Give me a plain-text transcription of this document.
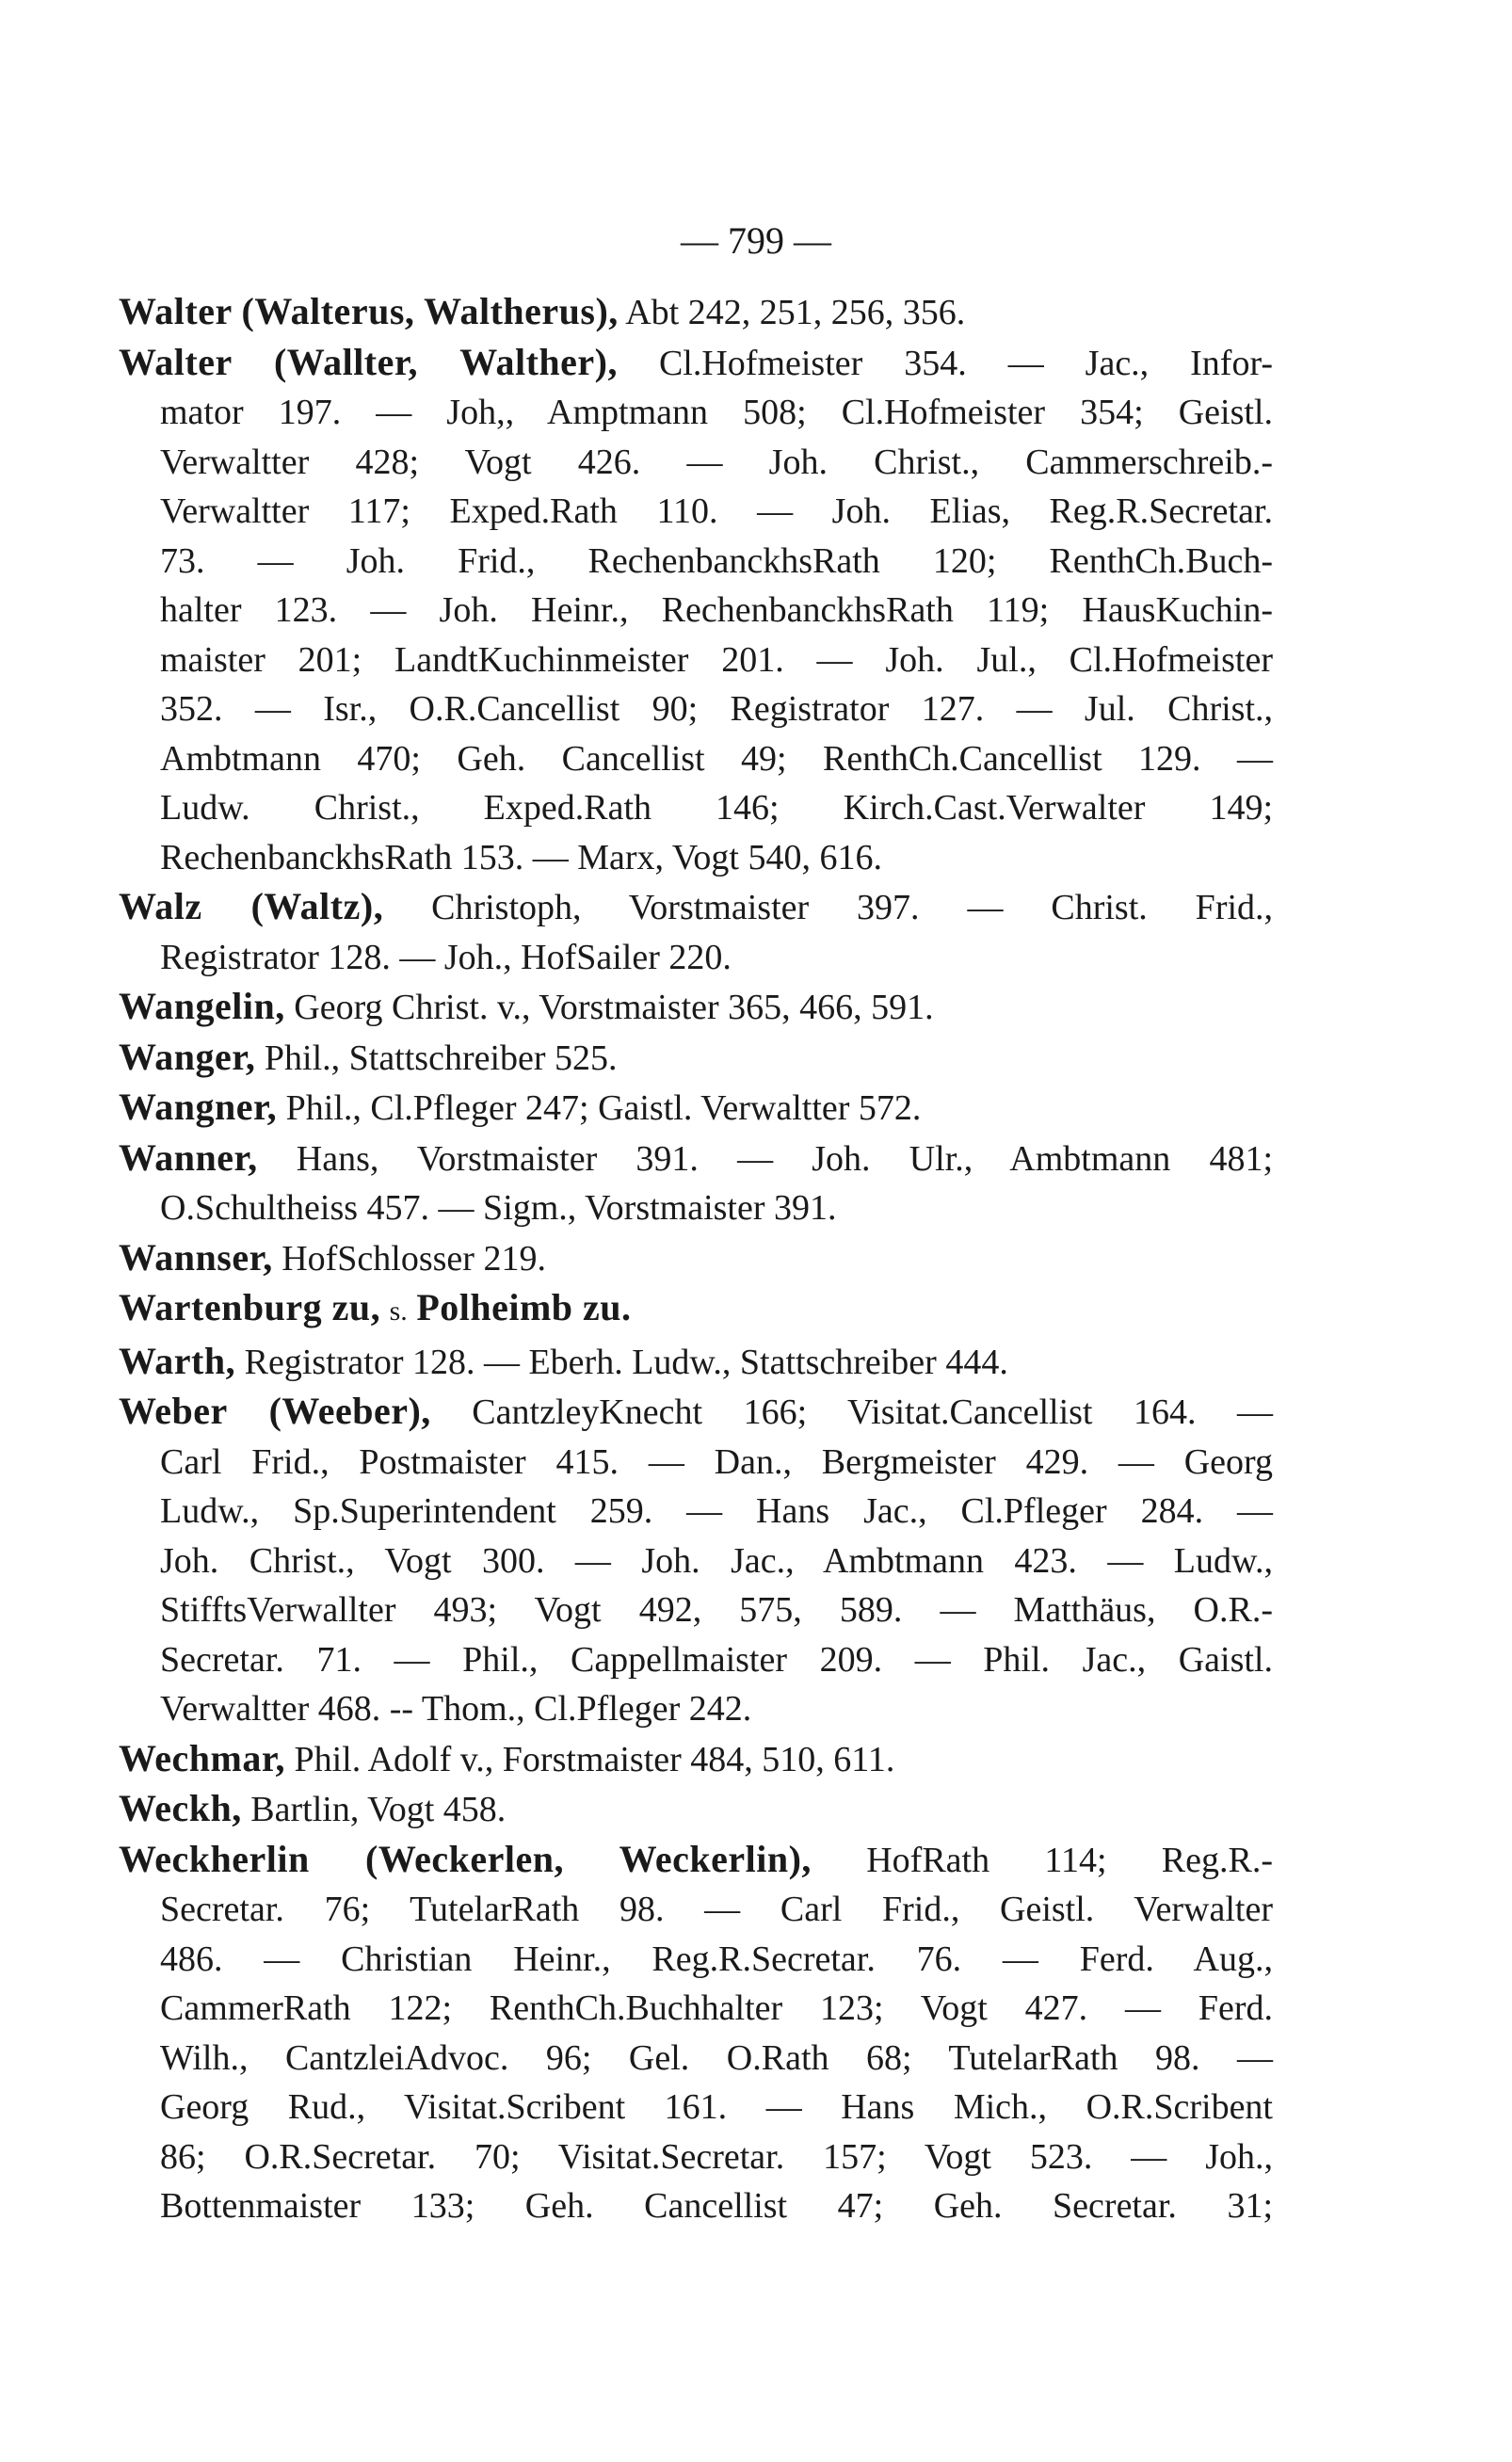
— 799 —

Walter (Walterus, Waltherus), Abt 242, 251, 256, 356.

Walter (Wallter, Walther), Cl.Hofmeister 354. — Jac., Infor-
mator 197. — Joh,, Amptmann 508; Cl.Hofmeister 354; Geistl.
Verwaltter 428; Vogt 426. — Joh. Christ., Cammerschreib.-
Verwaltter 117; Exped.Rath 110. — Joh. Elias, Reg.R.Secretar.
73. — Joh. Frid., RechenbanckhsRath 120; RenthCh.Buch-
halter 123. — Joh. Heinr., RechenbanckhsRath 119; HausKuchin-
maister 201; LandtKuchinmeister 201. — Joh. Jul., Cl.Hofmeister
352. — Isr., O.R.Cancellist 90; Registrator 127. — Jul. Christ.,
Ambtmann 470; Geh. Cancellist 49; RenthCh.Cancellist 129. —
Ludw. Christ., Exped.Rath 146; Kirch.Cast.Verwalter 149;
RechenbanckhsRath 153. — Marx, Vogt 540, 616.

Walz (Waltz), Christoph, Vorstmaister 397. — Christ. Frid.,
Registrator 128. — Joh., HofSailer 220.

Wangelin, Georg Christ. v., Vorstmaister 365, 466, 591.

Wanger, Phil., Stattschreiber 525.

Wangner, Phil., Cl.Pfleger 247; Gaistl. Verwaltter 572.

Wanner, Hans, Vorstmaister 391. — Joh. Ulr., Ambtmann 481;
O.Schultheiss 457. — Sigm., Vorstmaister 391.

Wannser, HofSchlosser 219.

Wartenburg zu, s. Polheimb zu.

Warth, Registrator 128. — Eberh. Ludw., Stattschreiber 444.

Weber (Weeber), CantzleyKnecht 166; Visitat.Cancellist 164. —
Carl Frid., Postmaister 415. — Dan., Bergmeister 429. — Georg
Ludw., Sp.Superintendent 259. — Hans Jac., Cl.Pfleger 284. —
Joh. Christ., Vogt 300. — Joh. Jac., Ambtmann 423. — Ludw.,
StifftsVerwallter 493; Vogt 492, 575, 589. — Matthäus, O.R.-
Secretar. 71. — Phil., Cappellmaister 209. — Phil. Jac., Gaistl.
Verwaltter 468. -- Thom., Cl.Pfleger 242.

Wechmar, Phil. Adolf v., Forstmaister 484, 510, 611.

Weckh, Bartlin, Vogt 458.

Weckherlin (Weckerlen, Weckerlin), HofRath 114; Reg.R.-
Secretar. 76; TutelarRath 98. — Carl Frid., Geistl. Verwalter
486. — Christian Heinr., Reg.R.Secretar. 76. — Ferd. Aug.,
CammerRath 122; RenthCh.Buchhalter 123; Vogt 427. — Ferd.
Wilh., CantzleiAdvoc. 96; Gel. O.Rath 68; TutelarRath 98. —
Georg Rud., Visitat.Scribent 161. — Hans Mich., O.R.Scribent
86; O.R.Secretar. 70; Visitat.Secretar. 157; Vogt 523. — Joh.,
Bottenmaister 133; Geh. Cancellist 47; Geh. Secretar. 31;
